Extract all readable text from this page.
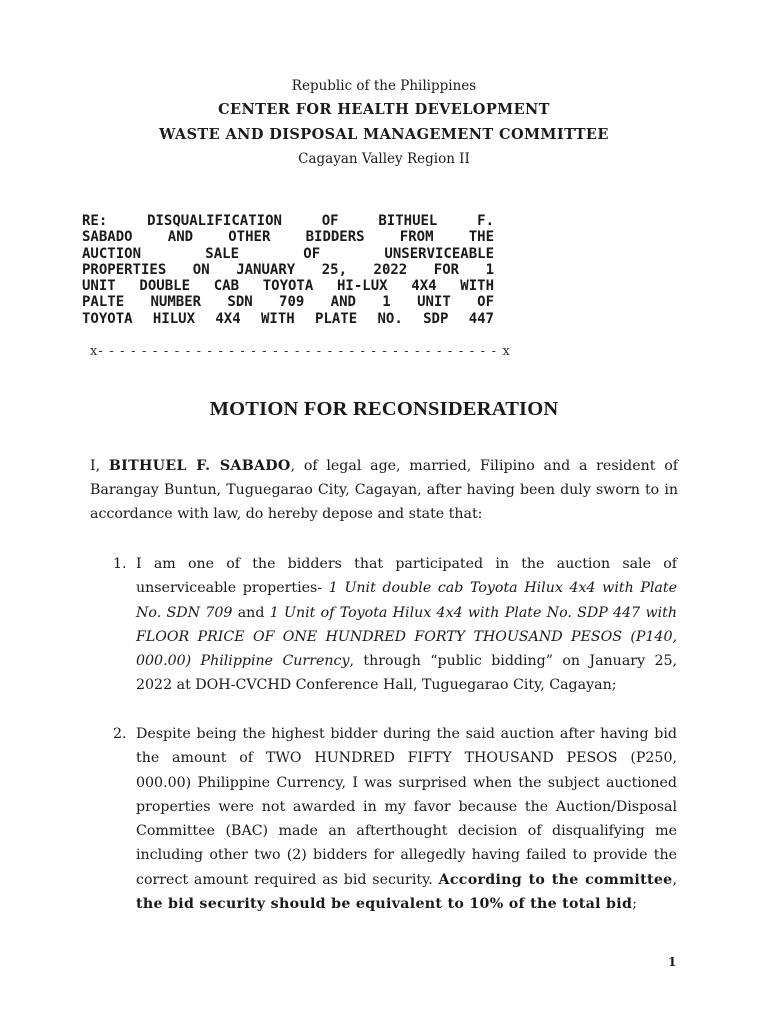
Republic of the Philippines
CENTER FOR HEALTH DEVELOPMENT
WASTE AND DISPOSAL MANAGEMENT COMMITTEE
Cagayan Valley Region II
RE: DISQUALIFICATION OF BITHUEL F.
SABADO AND OTHER BIDDERS FROM THE
AUCTION SALE OF UNSERVICEABLE
PROPERTIES ON JANUARY 25, 2022 FOR 1
UNIT DOUBLE CAB TOYOTA HI-LUX 4X4 WITH
PALTE NUMBER SDN 709 AND 1 UNIT OF
TOYOTA HILUX 4X4 WITH PLATE NO. SDP 447
x- - - - - - - - - - - - - - - - - - - - - - - - - - - - - - - - - - - - - x
MOTION FOR RECONSIDERATION
I, BITHUEL F. SABADO, of legal age, married, Filipino and a resident of
Barangay Buntun, Tuguegarao City, Cagayan, after having been duly sworn to in
accordance with law, do hereby depose and state that:
1. I am one of the bidders that participated in the auction sale of
unserviceable properties- 1 Unit double cab Toyota Hilux 4x4 with Plate
No. SDN 709 and 1 Unit of Toyota Hilux 4x4 with Plate No. SDP 447 with
FLOOR PRICE OF ONE HUNDRED FORTY THOUSAND PESOS (P140,
000.00) Philippine Currency, through “public bidding” on January 25,
2022 at DOH-CVCHD Conference Hall, Tuguegarao City, Cagayan;
2. Despite being the highest bidder during the said auction after having bid
the amount of TWO HUNDRED FIFTY THOUSAND PESOS (P250,
000.00) Philippine Currency, I was surprised when the subject auctioned
properties were not awarded in my favor because the Auction/Disposal
Committee (BAC) made an afterthought decision of disqualifying me
including other two (2) bidders for allegedly having failed to provide the
correct amount required as bid security. According to the committee,
the bid security should be equivalent to 10% of the total bid;
1
